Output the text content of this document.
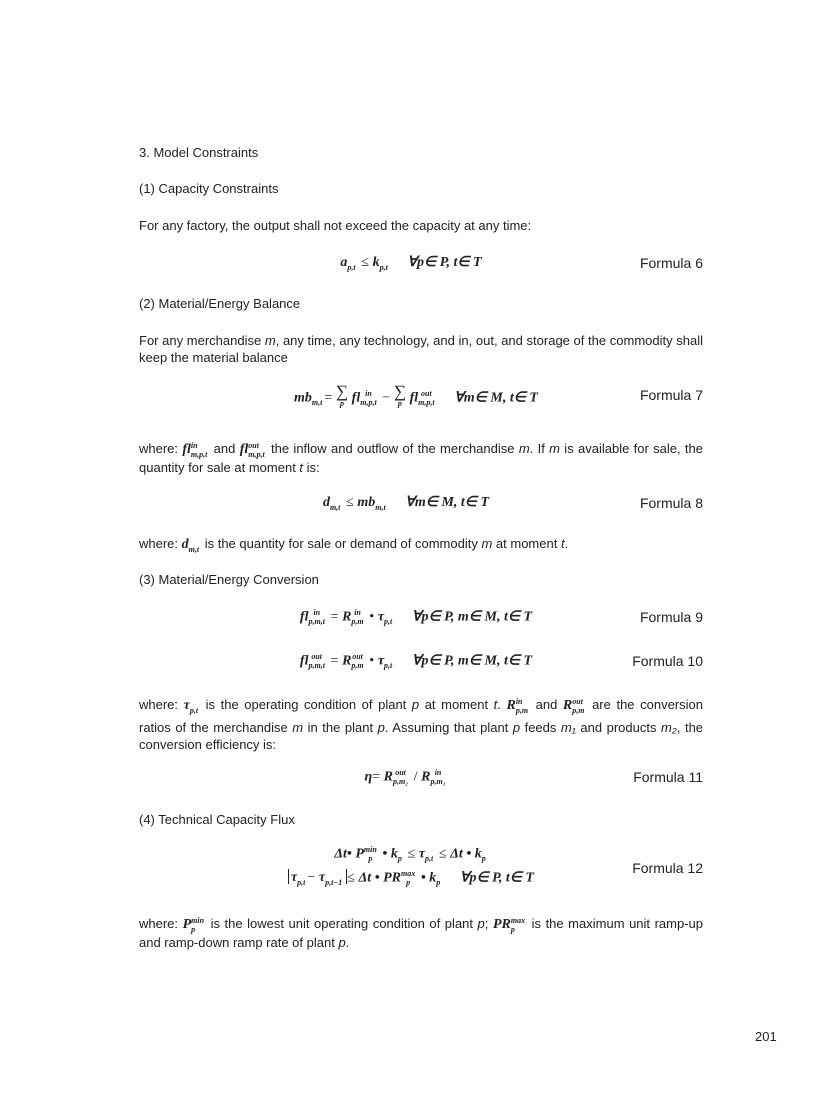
3. Model Constraints
(1) Capacity Constraints
For any factory, the output shall not exceed the capacity at any time:
$a_{p,t} \le k_{p,t}$ ∀p∈ P, t∈ T	Formula 6
(2) Material/Energy Balance
For any merchandise m, any time, any technology, and in, out, and storage of the commodity shall keep the material balance
$mb_{m,t}$ = ∑
p fl in
m,p,t − ∑
p fl out
m,p,t ∀m∈ M, t∈ T	Formula 7
where: fl in
m,p,t and fl out
m,p,t the inflow and outflow of the merchandise m. If m is available for sale, the quantity for sale at moment t is:
$d_{m,t} \le mb_{m,t}$ ∀m∈ M, t∈ T	Formula 8
where: $d_{m,t}$ is the quantity for sale or demand of commodity m at moment t.
(3) Material/Energy Conversion
fl in
p,m,t = R in
p,m • $\tau_{p,t}$ ∀p∈ P, m∈ M, t∈ T	Formula 9
fl out
p,m,t = R out
p,m • $\tau_{p,t}$ ∀p∈ P, m∈ M, t∈ T	Formula 10
where: $\tau_{p,t}$ is the operating condition of plant p at moment t. R in
p,m and R out
p,m are the conversion ratios of the merchandise m in the plant p. Assuming that plant p feeds m₁ and products m₂, the conversion efficiency is:
η= R out
p,m₂ / R in
p,m₁	Formula 11
(4) Technical Capacity Flux
Δt• P min
p • $k_p \le \tau_{p,t} \le \Delta t$ • $k_p$
$\tau_{p,t} - \tau_{p,t-1} \le \Delta t$ • PR max
p • $k_p$ ∀p∈ P, t∈ T
Formula 12
where: P min
p is the lowest unit operating condition of plant p; PR max
p is the maximum unit ramp-up and ramp-down ramp rate of plant p.
201
